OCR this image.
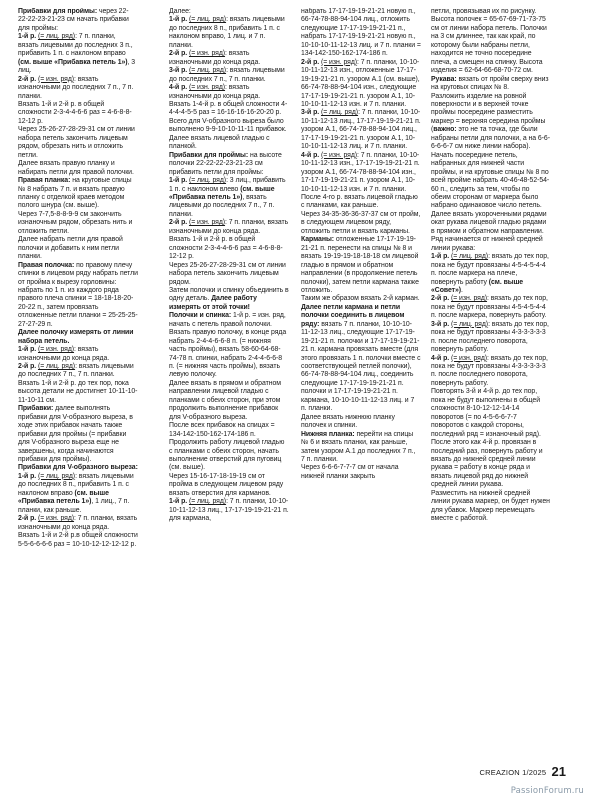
Прибавки для проймы: через 22-22-22-23-21-23 см начать прибавки для проймы:

1-й р. (= лиц. ряд): 7 п. планки, вязать лицевыми до последних 3 п., прибавить 1 п. с наклоном вправо (см. выше «Прибавка петель 1»), 3 лиц.

2-й р. (= изн. ряд): вязать изнаночными до последних 7 п., 7 п. планки.

Вязать 1-й и 2-й р. в общей сложности 2-3-4-4-6-6 раз = 4-6-8-8-12-12 р.

Через 25-26-27-28-29-31 см от линии набора петель закончить лицевым рядом, обрезать нить и отложить петли.

Далее вязать правую планку и набирать петли для правой полочки.

Правая планка: на круговые спицы № 8 набрать 7 п. и вязать правую планку с отделкой краев методом полого шнура (см. выше).

Через 7-7,5-8-8-9-9 см закончить изнаночным рядом, обрезать нить и отложить петли.

Далее набрать петли для правой полочки и добавить к ним петли планки.

Правая полочка: по правому плечу спинки в лицевом ряду набрать петли от пройма к вырезу горловины: набрать по 1 п. из каждого ряда правого плеча спинки = 18-18-18-20-20-22 п., затем провязать отложенные петли планки = 25-25-25-27-27-29 п.

Далее полочку измерять от линии набора петель.

1-й р. (= изн. ряд): вязать изнаночными до конца ряда.

2-й р. (= лиц. ряд): вязать лицевыми до последних 7 п., 7 п. планки.

Вязать 1-й и 2-й р. до тех пор, пока высота детали не достигнет 10-11-10-11-10-11 см.

Прибавки: далее выполнять прибавки для V-образного выреза, в ходе этих прибавок начать также прибавки для проймы (= прибавки для V-образного выреза еще не завершены, когда начинаются прибавки для проймы).

Прибавки для V-образного выреза:

1-й р. (= лиц. ряд): вязать лицевыми до последних 8 п., прибавить 1 п. с наклоном вправо (см. выше «Прибавка петель 1»), 1 лиц., 7 п. планки, как раньше.

2-й р. (= изн. ряд): 7 п. планки, вязать изнаночными до конца ряда.

Вязать 1-й и 2-й р.в общей сложности 5-5-6-6-6-6 раз = 10-10-12-12-12-12 р.

Далее:

1-й р. (= лиц. ряд): вязать лицевыми до последних 8 п., прибавить 1 п. с наклоном вправо, 1 лиц. и 7 п. планки.

2-й р. (= изн. ряд): вязать изнаночными до конца ряда.

3-й р. (= лиц. ряд): вязать лицевыми до последних 7 п., 7 п. планки.

4-й р. (= изн. ряд): вязать изнаночными до конца ряда.

Вязать 1-4-й р. в общей сложности 4-4-4-4-5-5 раз = 16-16-16-16-20-20 р.

Всего для V-образного выреза было выполнено 9-9-10-10-11-11 прибавок.

Далее вязать лицевой гладью с планкой.

Прибавки для проймы: на высоте полочки 22-22-22-23-21-23 см прибавить петли для проймы:

1-й р. (= лиц. ряд): 3 лиц., прибавить 1 п. с наклоном влево (см. выше «Прибавка петель 1»), вязать лицевыми до последних 7 п., 7 п. планки.

2-й р. (= изн. ряд): 7 п. планки, вязать изнаночными до конца ряда.

Вязать 1-й и 2-й р. в общей сложности 2-3-4-4-6-6 раз = 4-6-8-8-12-12 р.

Через 25-26-27-28-29-31 см от линии набора петель закончить лицевым рядом.

Затем полочки и спинку объединить в одну деталь. Далее работу измерять от этой точки!

Полочки и спинка: 1-й р. = изн. ряд, начать с петель правой полочки.

Вязать правую полочку, в конце ряда набрать 2-4-4-6-6-8 п. (= нижняя часть проймы), вязать 58-60-64-68-74-78 п. спинки, набрать 2-4-4-6-6-8 п. (= нижняя часть проймы), вязать левую полочку.

Далее вязать в прямом и обратном направлении лицевой гладью с планками с обеих сторон, при этом продолжить выполнение прибавок для V-образного выреза.

После всех прибавок на спицах = 134-142-150-162-174-186 п. Продолжить работу лицевой гладью с планками с обеих сторон, начать выполнение отверстий для пуговиц (см. выше).

Через 15-16-17-18-19-19 см от пройма в следующем лицевом ряду вязать отверстия для карманов.

1-й р. (= лиц. ряд): 7 п. планки, 10-10-10-11-12-13 лиц., 17-17-19-19-21-21 п. для кармана,

набрать 17-17-19-19-21-21 новую п., 66-74-78-88-94-104 лиц., отложить следующие 17-17-19-19-21-21 п., набрать 17-17-19-19-21-21 новую п., 10-10-10-11-12-13 лиц. и 7 п. планки = 134-142-150-162-174-186 п.

2-й р. (= изн. ряд): 7 п. планки, 10-10-10-11-12-13 изн., отложенные 17-17-19-19-21-21 п. узором А.1 (см. выше), 66-74-78-88-94-104 изн., следующие 17-17-19-19-21-21 п. узором А.1, 10-10-10-11-12-13 изн. и 7 п. планки.

3-й р. (= лиц. ряд): 7 п. планки, 10-10-10-11-12-13 лиц., 17-17-19-19-21-21 п. узором А.1, 66-74-78-88-94-104 лиц., 17-17-19-19-21-21 п. узором А.1, 10-10-10-11-12-13 лиц. и 7 п. планки.

4-й р. (= изн. ряд): 7 п. планки, 10-10-10-11-12-13 изн., 17-17-19-19-21-21 п. узором А.1, 66-74-78-88-94-104 изн., 17-17-19-19-21-21 п. узором А.1, 10-10-10-11-12-13 изн. и 7 п. планки.

После 4-го р. вязать лицевой гладью с планками, как раньше.

Через 34-35-36-36-37-37 см от пройм, в следующем лицевом ряду, отложить петли и вязать карманы.

Карманы: отложенные 17-17-19-19-21-21 п. перенести на спицы № 8 и вязать 19-19-19-18-18-18 см лицевой гладью в прямом и обратном направлении (в продолжение петель полочки), затем петли кармана также отложить.

Таким же образом вязать 2-й карман.

Далее петли кармана и петли полочки соединить в лицевом ряду: вязать 7 п. планки, 10-10-10-11-12-13 лиц., следующие 17-17-19-19-21-21 п. полочки и 17-17-19-19-21-21 п. кармана провязать вместе (для этого провязать 1 п. полочки вместе с соответствующей петлей полочки), 66-74-78-88-94-104 лиц., соединить следующие 17-17-19-19-21-21 п. полочки и 17-17-19-19-21-21 п. кармана, 10-10-10-11-12-13 лиц. и 7 п. планки.

Далее вязать нижнюю планку полочек и спинки.

Нижняя планка: перейти на спицы № 6 и вязать планки, как раньше, затем узором А.1 до последних 7 п., 7 п. планки.

Через 6-6-6-7-7-7 см от начала нижней планки закрыть

петли, провязывая их по рисунку.

Высота полочек = 65-67-69-71-73-75 см от линии набора петель. Полочки на 3 см длиннее, так как край, по которому были набраны петли, находится не точно посередине плеча, а смещен на спинку. Высота изделия = 62-64-66-68-70-72 см.

Рукава: вязать от пройм сверху вниз на круговых спицах № 8.

Разложить изделие на ровной поверхности и в верхней точке проймы посередине разместить маркер = верхняя середина проймы (важно: это не та точка, где были набраны петли для полочки, а на 6-6-6-6-6-7 см ниже линии набора).

Начать посередине петель, набранных для нижней части проймы, и на круговые спицы № 8 по всей пройме набрать 40-46-48-52-54-60 п., следить за тем, чтобы по обеим сторонам от маркера было набрано одинаковое число петель.

Далее вязать укороченными рядами окат рукава лицевой гладью рядами в прямом и обратном направлении. Ряд начинается от нижней средней линии рукава:

1-й р. (= лиц. ряд): вязать до тех пор, пока не будут провязаны 4-5-4-5-4-4 п. после маркера на плече, повернуть работу (см. выше «Совет»).

2-й р. (= изн. ряд): вязать до тех пор, пока не будут провязаны 4-5-4-5-4-4 п. после маркера, повернуть работу.

3-й р. (= лиц. ряд): вязать до тех пор, пока не будут провязаны 4-3-3-3-3-3 п. после последнего поворота, повернуть работу.

4-й р. (= изн. ряд): вязать до тех пор, пока не будут провязаны 4-3-3-3-3-3 п. после последнего поворота, повернуть работу.

Повторять 3-й и 4-й р. до тех пор, пока не будут выполнены в общей сложности 8-10-12-12-14-14 поворотов (= по 4-5-6-6-7-7 поворотов с каждой стороны, последний ряд = изнаночный ряд).

После этого как 4-й р. провязан в последний раз, повернуть работу и вязать до нижней средней линии рукава = работу в конце ряда и вязать лицевой ряд до нижней средней линии рукава.

Разместить на нижней средней линии рукава маркер, он будет нужен для убавок. Маркер перемещать вместе с работой.

CREAZION 1/2025 21
PassionForum.ru
